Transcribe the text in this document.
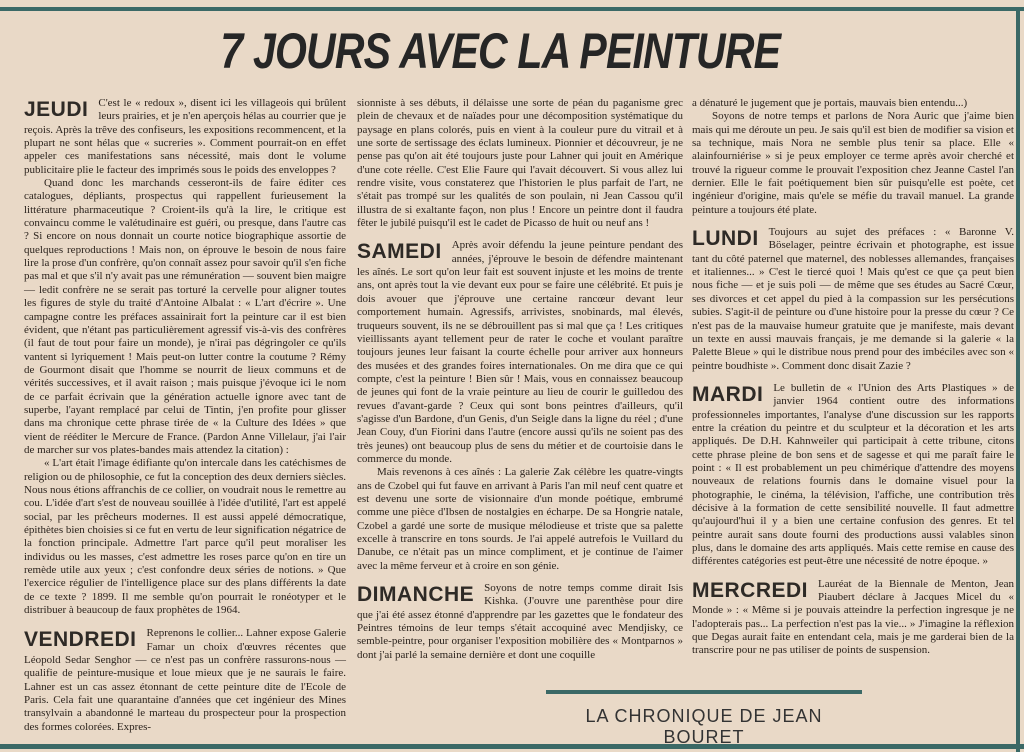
7 JOURS AVEC LA PEINTURE
JEUDI C'est le « redoux », disent ici les villageois qui brûlent leurs prairies, et je n'en aperçois hélas au courrier que je reçois. Après la trêve des confiseurs, les expositions recommencent, et la plupart ne sont hélas que « sucreries ». Comment pourrait-on en effet appeler ces manifestations sans nécessité, mais dont le volume publicitaire plie le facteur des imprimés sous le poids des enveloppes ?

Quand donc les marchands cesseront-ils de faire éditer ces catalogues, dépliants, prospectus qui rappellent furieusement la littérature pharmaceutique ? Croient-ils qu'à la lire, le critique est convaincu comme le valétudinaire est guéri, ou presque, dans l'autre cas ? Si encore on nous donnait un courte notice biographique assortie de quelques reproductions ! Mais non, on éprouve le besoin de nous faire lire la prose d'un confrère, qu'on connaît assez pour savoir qu'il s'en fiche pas mal et que s'il n'y avait pas une rémunération — souvent bien maigre — ledit confrère ne se serait pas torturé la cervelle pour aligner toutes les figures de style du traité d'Antoine Albalat : « L'art d'écrire ». Une campagne contre les préfaces assainirait fort la peinture car il est bien évident, que n'étant pas particulièrement agressif vis-à-vis des confrères (il faut de tout pour faire un monde), je n'irai pas dégringoler ce qu'ils vantent si lyriquement ! Mais peut-on lutter contre la coutume ? Rémy de Gourmont disait que l'homme se nourrit de lieux communs et de vérités successives, et il avait raison ; mais puisque j'évoque ici le nom de ce parfait écrivain que la génération actuelle ignore avec tant de superbe, l'ayant remplacé par celui de Tintin, j'en profite pour glisser dans ma chronique cette phrase tirée de « la Culture des Idées » que vient de rééditer le Mercure de France. (Pardon Anne Villelaur, j'ai l'air de marcher sur vos plates-bandes mais attendez la citation) :

« L'art était l'image édifiante qu'on intercale dans les catéchismes de religion ou de philosophie, ce fut la conception des deux derniers siècles. Nous nous étions affranchis de ce collier, on voudrait nous le remettre au cou. L'idée d'art s'est de nouveau souillée à l'idée d'utilité, l'art est appelé social, par les prêcheurs modernes. Il est aussi appelé démocratique, épithètes bien choisies si ce fut en vertu de leur signification négatrice de la fonction principale. Admettre l'art parce qu'il peut moraliser les individus ou les masses, c'est admettre les roses parce qu'on en tire un remède utile aux yeux ; c'est confondre deux séries de notions. » Que l'exercice régulier de l'intelligence place sur des plans différents la date de ce texte ? 1899. Il me semble qu'on pourrait le ronéotyper et le distribuer à beaucoup de faux prophètes de 1964.

VENDREDI Reprenons le collier... Lahner expose Galerie Famar un choix d'œuvres récentes que Léopold Sedar Senghor — ce n'est pas un confrère rassurons-nous — qualifie de peinture-musique et loue mieux que je ne saurais le faire. Lahner est un cas assez étonnant de cette peinture dite de l'Ecole de Paris. Cela fait une quarantaine d'années que cet ingénieur des Mines transylvain a abandonné le marteau du prospecteur pour la prospection des formes colorées. Expres-

sionniste à ses débuts, il délaisse une sorte de péan du paganisme grec plein de chevaux et de naïades pour une décomposition systématique du paysage en plans colorés, puis en vient à la couleur pure du vitrail et à une sorte de sertissage des éclats lumineux. Pionnier et découvreur, je ne pense pas qu'on ait été toujours juste pour Lahner qui jouit en Amérique d'une cote réelle. C'est Elie Faure qui l'avait découvert. Si vous allez lui rendre visite, vous constaterez que l'historien le plus parfait de l'art, ne s'était pas trompé sur les qualités de son poulain, ni Jean Cassou qu'il illustra de si exaltante façon, non plus ! Encore un peintre dont il faudra fêter le jubilé puisqu'il est le cadet de Picasso de huit ou neuf ans !

SAMEDI Après avoir défendu la jeune peinture pendant des années, j'éprouve le besoin de défendre maintenant les aînés. Le sort qu'on leur fait est souvent injuste et les moins de trente ans, ont après tout la vie devant eux pour se faire une célébrité. Et puis je dois avouer que j'éprouve une certaine rancœur devant leur comportement humain. Agressifs, arrivistes, snobinards, mal élevés, truqueurs souvent, ils ne se débrouillent pas si mal que ça ! Les critiques vieillissants ayant tellement peur de rater le coche et voulant paraître toujours jeunes leur faisant la courte échelle pour arriver aux honneurs des musées et des grandes foires internationales. On me dira que ce qui compte, c'est la peinture ! Bien sûr ! Mais, vous en connaissez beaucoup de jeunes qui font de la vraie peinture au lieu de courir le guilledou des revues d'avant-garde ? Ceux qui sont bons peintres d'ailleurs, qu'il s'agisse d'un Bardone, d'un Genis, d'un Seigle dans la ligne du réel ; d'une Jean Couy, d'un Fiorini dans l'autre (encore aussi qu'ils ne soient pas des très jeunes) ont beaucoup plus de sens du métier et de courtoisie dans le commerce du monde.

Mais revenons à ces aînés : La galerie Zak célèbre les quatre-vingts ans de Czobel qui fut fauve en arrivant à Paris l'an mil neuf cent quatre et est devenu une sorte de visionnaire d'un monde poétique, embrumé comme une pièce d'Ibsen de nostalgies en écharpe. De sa Hongrie natale, Czobel a gardé une sorte de musique mélodieuse et triste que sa palette excelle à transcrire en tons sourds. Je l'ai appelé autrefois le Vuillard du Danube, ce n'était pas un mince compliment, et je continue de l'aimer avec la même ferveur et à croire en son génie.

DIMANCHE Soyons de notre temps comme dirait Isis Kishka. (J'ouvre une parenthèse pour dire que j'ai été assez étonné d'apprendre par les gazettes que le fondateur des Peintres témoins de leur temps s'était accoquiné avec Mendjisky, ce semble-peintre, pour organiser l'exposition mobilière des « Montparnos » dont j'ai parlé la semaine dernière et dont une coquille

a dénaturé le jugement que je portais, mauvais bien entendu...)

Soyons de notre temps et parlons de Nora Auric que j'aime bien mais qui me déroute un peu. Je sais qu'il est bien de modifier sa vision et sa technique, mais Nora ne semble plus tenir sa place. Elle « alainfourniérise » si je peux employer ce terme après avoir cherché et trouvé la rigueur comme le prouvait l'exposition chez Jeanne Castel l'an dernier. Elle le fait poétiquement bien sûr puisqu'elle est poète, cet ingénieur d'origine, mais qu'ele se méfie du travail manuel. La grande peinture a toujours été plate.

LUNDI Toujours au sujet des préfaces : « Baronne V. Böselager, peintre écrivain et photographe, est issue tant du côté paternel que maternel, des noblesses allemandes, françaises et italiennes... » C'est le tiercé quoi ! Mais qu'est ce que ça peut bien nous fiche — et je suis poli — de même que ses études au Sacré Cœur, ses divorces et cet appel du pied à la compassion sur les persécutions subies. S'agit-il de peinture ou d'une histoire pour la presse du cœur ? Ce n'est pas de la mauvaise humeur gratuite que je manifeste, mais devant un texte en aussi mauvais français, je me demande si la galerie « la Palette Bleue » qui le distribue nous prend pour des imbéciles avec son « peintre boudhiste ». Comment donc disait Zazie ?

MARDI Le bulletin de « l'Union des Arts Plastiques » de janvier 1964 contient outre des informations professionneles importantes, l'analyse d'une discussion sur les rapports entre la création du peintre et du sculpteur et la décoration et les arts appliqués. De D.H. Kahnweiler qui participait à cette tribune, citons cette phrase pleine de bon sens et de sagesse et qui me paraît faire le point : « Il est probablement un peu chimérique d'attendre des moyens nouveaux de relations fournis dans le domaine visuel pour la photographie, le cinéma, la télévision, l'affiche, une contribution très décisive à la formation de cette sensibilité nouvelle. Il faut admettre qu'aujourd'hui il y a bien une certaine confusion des genres. Et tel peintre aurait sans doute fourni des productions aussi valables sinon plus, dans le domaine des arts appliqués. Mais cette remise en cause des différentes catégories est peut-être une nécessité de notre époque. »

MERCREDI Lauréat de la Biennale de Menton, Jean Piaubert déclare à Jacques Micel du « Monde » : « Même si je pouvais atteindre la perfection ingresque je ne l'adopterais pas... La perfection n'est pas la vie... » J'imagine la réflexion que Degas aurait faite en entendant cela, mais je me garderai bien de la transcrire pour ne pas utiliser de points de suspension.

LA CHRONIQUE DE JEAN BOURET
